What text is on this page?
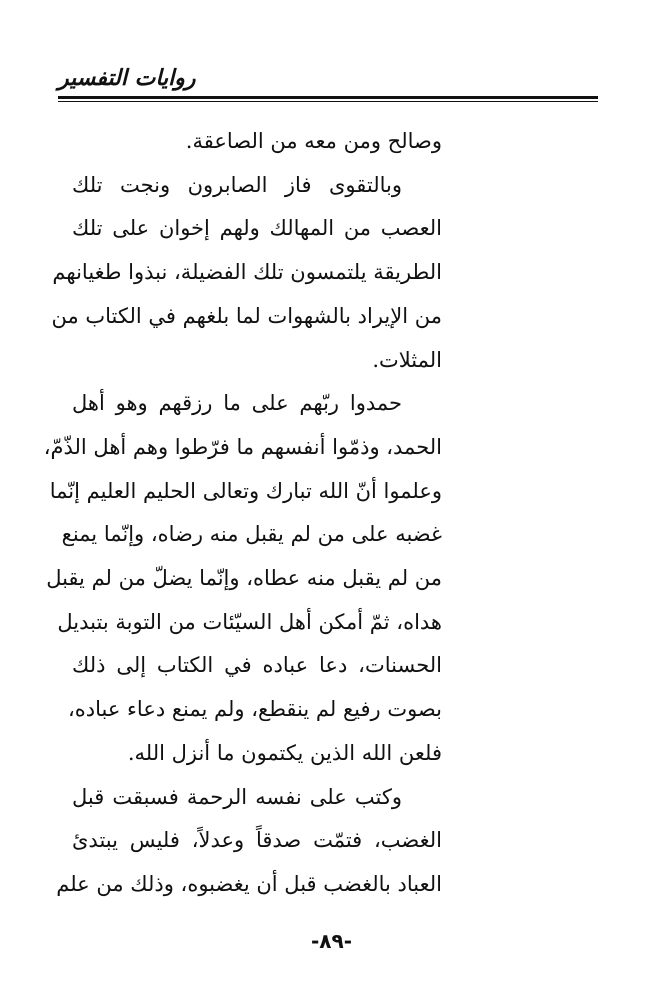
روايات التفسير
وصالح ومن معه من الصاعقة.
وبالتقوى فاز الصابرون ونجت تلك
العصب من المهالك ولهم إخوان على تلك
الطريقة يلتمسون تلك الفضيلة، نبذوا طغيانهم
من الإيراد بالشهوات لما بلغهم في الكتاب من
المثلات.
حمدوا ربّهم على ما رزقهم وهو أهل
الحمد، وذمّوا أنفسهم ما فرّطوا وهم أهل الذّمّ،
وعلموا أنّ الله تبارك وتعالى الحليم العليم إنّما
غضبه على من لم يقبل منه رضاه، وإنّما يمنع
من لم يقبل منه عطاه، وإنّما يضلّ من لم يقبل
هداه، ثمّ أمكن أهل السيّئات من التوبة بتبديل
الحسنات، دعا عباده في الكتاب إلى ذلك
بصوت رفيع لم ينقطع، ولم يمنع دعاء عباده،
فلعن الله الذين يكتمون ما أنزل الله.
وكتب على نفسه الرحمة فسبقت قبل
الغضب، فتمّت صدقاً وعدلاً، فليس يبتدئ
العباد بالغضب قبل أن يغضبوه، وذلك من علم
-٨٩-
